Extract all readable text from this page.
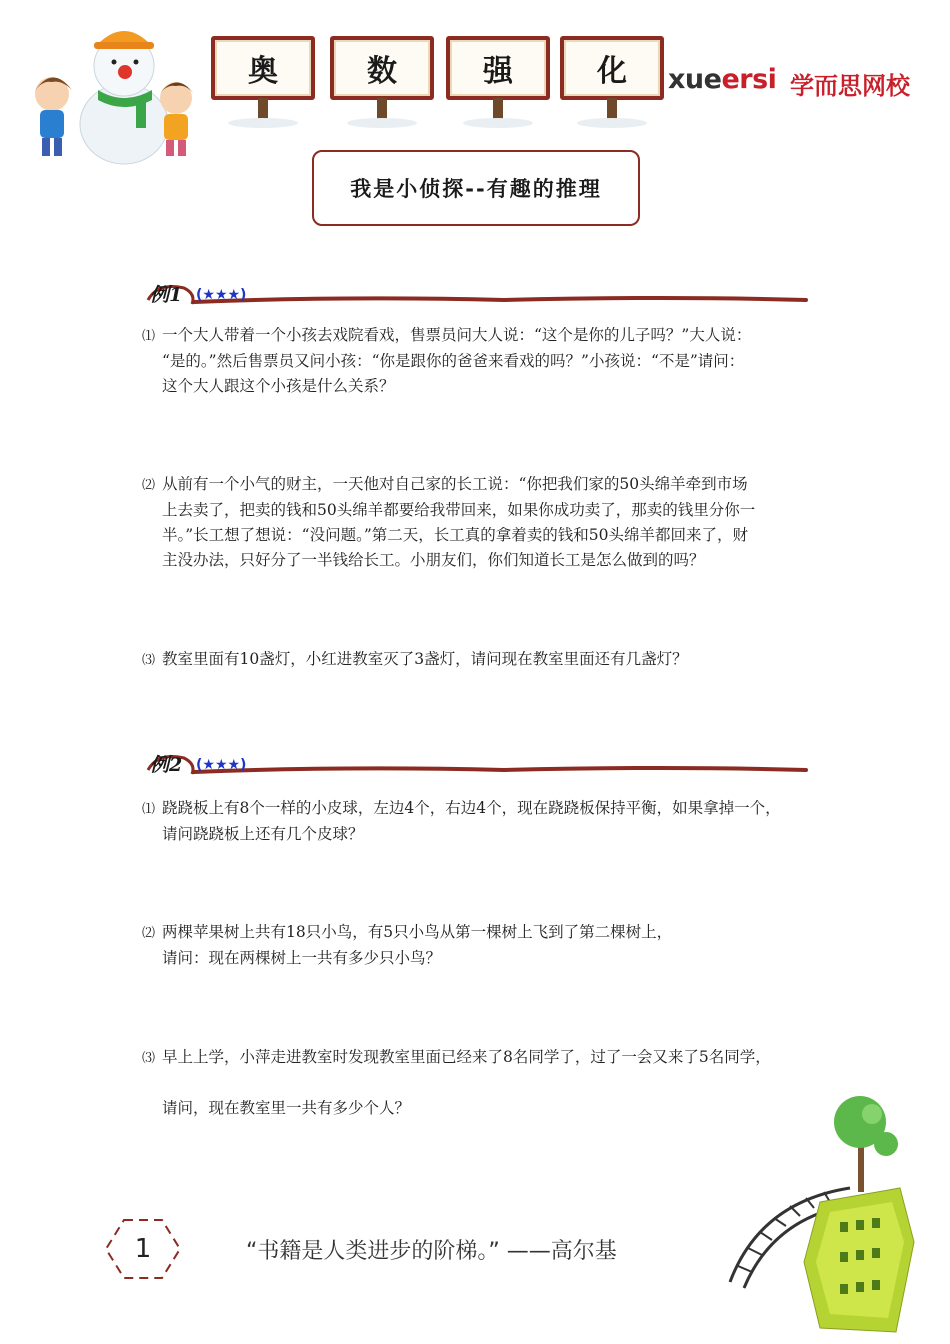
奥	数	强	化 xueersi 学而思网校
我是小侦探--有趣的推理
例1 (★★★)
⑴ 一个大人带着一个小孩去戏院看戏，售票员问大人说：“这个是你的儿子吗？”大人说：
“是的。”然后售票员又问小孩：“你是跟你的爸爸来看戏的吗？”小孩说：“不是”请问：
这个大人跟这个小孩是什么关系？
⑵ 从前有一个小气的财主，一天他对自己家的长工说：“你把我们家的50头绵羊牵到市场
上去卖了，把卖的钱和50头绵羊都要给我带回来，如果你成功卖了，那卖的钱里分你一
半。”长工想了想说：“没问题。”第二天，长工真的拿着卖的钱和50头绵羊都回来了，财
主没办法，只好分了一半钱给长工。小朋友们，你们知道长工是怎么做到的吗？
⑶ 教室里面有10盏灯，小红进教室灭了3盏灯，请问现在教室里面还有几盏灯？
例2 (★★★)
⑴ 跷跷板上有8个一样的小皮球，左边4个，右边4个，现在跷跷板保持平衡，如果拿掉一个，
请问跷跷板上还有几个皮球？
⑵ 两棵苹果树上共有18只小鸟，有5只小鸟从第一棵树上飞到了第二棵树上，
请问：现在两棵树上一共有多少只小鸟？
⑶ 早上上学，小萍走进教室时发现教室里面已经来了8名同学了，过了一会又来了5名同学，
请问，现在教室里一共有多少个人？
1	“书籍是人类进步的阶梯。” ——高尔基
